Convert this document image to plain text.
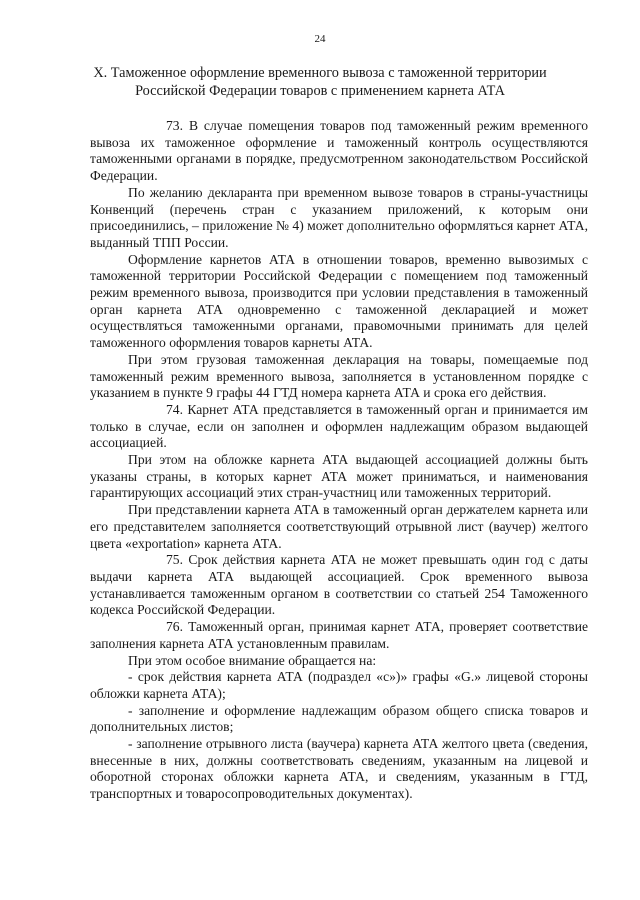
24
X. Таможенное оформление временного вывоза с таможенной территории
Российской Федерации товаров с применением карнета АТА

73. В случае помещения товаров под таможенный режим временного вывоза их таможенное оформление и таможенный контроль осуществляются таможенными органами в порядке, предусмотренном законодательством Российской Федерации.

По желанию декларанта при временном вывозе товаров в страны-участницы Конвенций (перечень стран с указанием приложений, к которым они присоединились, – приложение № 4) может дополнительно оформляться карнет АТА, выданный ТПП России.

Оформление карнетов АТА в отношении товаров, временно вывозимых с таможенной территории Российской Федерации с помещением под таможенный режим временного вывоза, производится при условии представления в таможенный орган карнета АТА одновременно с таможенной декларацией и может осуществляться таможенными органами, правомочными принимать для целей таможенного оформления товаров карнеты АТА.

При этом грузовая таможенная декларация на товары, помещаемые под таможенный режим временного вывоза, заполняется в установленном порядке с указанием в пункте 9 графы 44 ГТД номера карнета АТА и срока его действия.

74. Карнет АТА представляется в таможенный орган и принимается им только в случае, если он заполнен и оформлен надлежащим образом выдающей ассоциацией.

При этом на обложке карнета АТА выдающей ассоциацией должны быть указаны страны, в которых карнет АТА может приниматься, и наименования гарантирующих ассоциаций этих стран-участниц или таможенных территорий.

При представлении карнета АТА в таможенный орган держателем карнета или его представителем заполняется соответствующий отрывной лист (ваучер) желтого цвета «exportation» карнета АТА.

75. Срок действия карнета АТА не может превышать один год с даты выдачи карнета АТА выдающей ассоциацией. Срок временного вывоза устанавливается таможенным органом в соответствии со статьей 254 Таможенного кодекса Российской Федерации.

76. Таможенный орган, принимая карнет АТА, проверяет соответствие заполнения карнета АТА установленным правилам.

При этом особое внимание обращается на:

- срок действия карнета АТА (подраздел «c»)» графы «G.» лицевой стороны обложки карнета АТА);

- заполнение и оформление надлежащим образом общего списка товаров и дополнительных листов;

- заполнение отрывного листа (ваучера) карнета АТА желтого цвета (сведения, внесенные в них, должны соответствовать сведениям, указанным на лицевой и оборотной сторонах обложки карнета АТА, и сведениям, указанным в ГТД, транспортных и товаросопроводительных документах).
